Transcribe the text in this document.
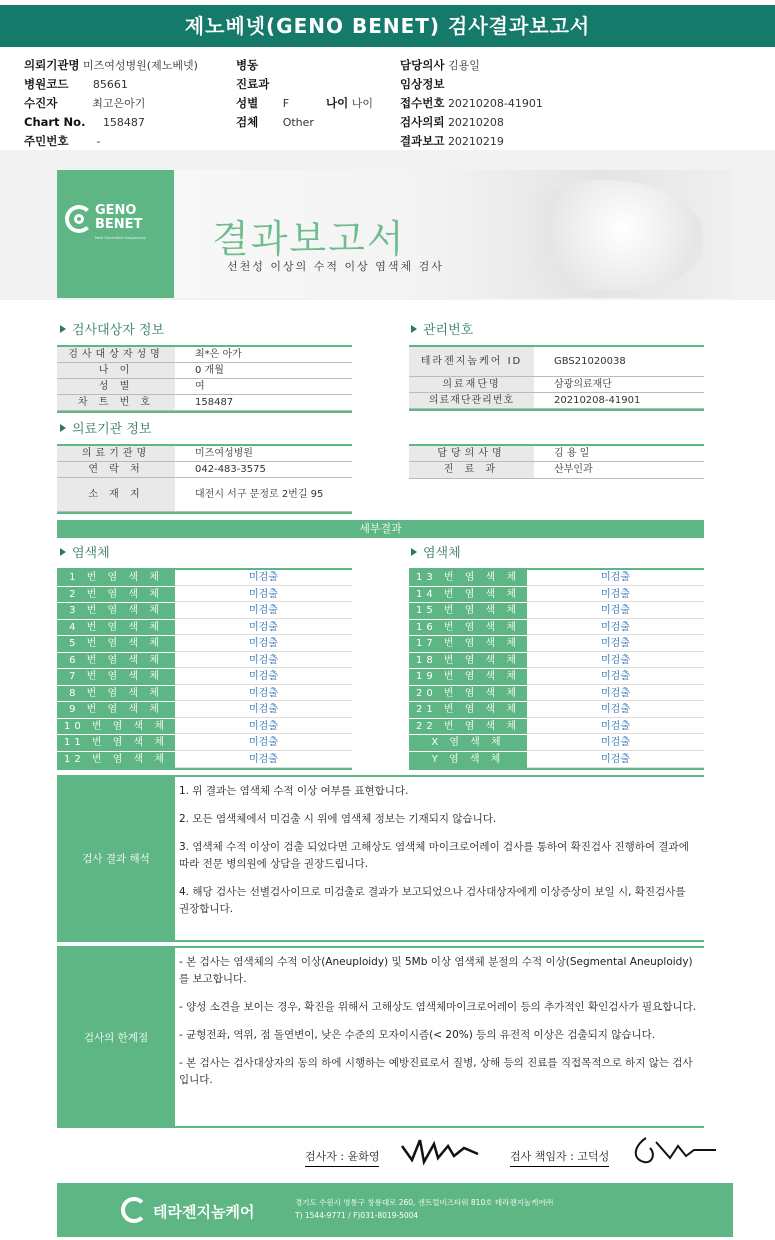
제노베넷(GENO BENET) 검사결과보고서
의뢰기관명 미즈여성병원(제노베넷)	병동	담당의사 김용일
병원코드 85661	진료과	임상정보
수진자	최고은아기	성별 F	나이 나이 접수번호 20210208-41901
Chart No. 158487	검체 Other	검사의뢰 20210208
주민번호	-	결과보고 20210219
GENO
BENET
Next Generation Sequencing	결과보고서
선천성 이상의 수적 이상 염색체 검사
검사대상자 정보
검사대상자성명	최*은 아가
나 이	0 개월
성 별	여
차 트 번 호	158487
관리번호
테라젠지놈케어 ID	GBS21020038
의료재단명	삼광의료재단
의료재단관리번호	20210208-41901
의료기관 정보
의료기관명	미즈여성병원
연 락 처	042-483-3575
소 재 지	대전시 서구 문정로 2번길 95
담당의사명	김 용 일
진 료 과	산부인과
세부결과
염색체	염색체
1 번 염 색 체	미검출
2 번 염 색 체	미검출
3 번 염 색 체	미검출
4 번 염 색 체	미검출
5 번 염 색 체	미검출
6 번 염 색 체	미검출
7 번 염 색 체	미검출
8 번 염 색 체	미검출
9 번 염 색 체	미검출
10 번 염 색 체	미검출
11 번 염 색 체	미검출
12 번 염 색 체	미검출
13 번 염 색 체	미검출
14 번 염 색 체	미검출
15 번 염 색 체	미검출
16 번 염 색 체	미검출
17 번 염 색 체	미검출
18 번 염 색 체	미검출
19 번 염 색 체	미검출
20 번 염 색 체	미검출
21 번 염 색 체	미검출
22 번 염 색 체	미검출
X 염 색 체	미검출
Y 염 색 체	미검출
검사 결과 해석

1. 위 결과는 염색체 수적 이상 여부를 표현합니다.

2. 모든 염색체에서 미검출 시 위에 염색체 정보는 기재되지 않습니다.

3. 염색체 수적 이상이 검출 되었다면 고해상도 염색체 마이크로어레이 검사를 통하여 확진검사 진행하여 결과에 따라 전문 병의원에 상담을 권장드립니다.

4. 해당 검사는 선별검사이므로 미검출로 결과가 보고되었으나 검사대상자에게 이상증상이 보일 시, 확진검사를 권장합니다.

검사의 한계점

- 본 검사는 염색체의 수적 이상(Aneuploidy) 및 5Mb 이상 염색체 분절의 수적 이상(Segmental Aneuploidy)를 보고합니다.

- 양성 소견을 보이는 경우, 확진을 위해서 고해상도 염색체마이크로어레이 등의 추가적인 확인검사가 필요합니다.

- 균형전좌, 역위, 점 돌연변이, 낮은 수준의 모자이시즘(< 20%) 등의 유전적 이상은 검출되지 않습니다.

- 본 검사는 검사대상자의 동의 하에 시행하는 예방진료로서 질병, 상해 등의 진료를 직접목적으로 하지 않는 검사입니다.

검사자 : 윤화영	검사 책임자 : 고덕성
테라젠지놈케어
경기도 수원시 영통구 창룡대로 260, 센트럴비즈타워 810호 테라젠지놈케어㈜
T) 1544-9771 / F)031-8019-5004
